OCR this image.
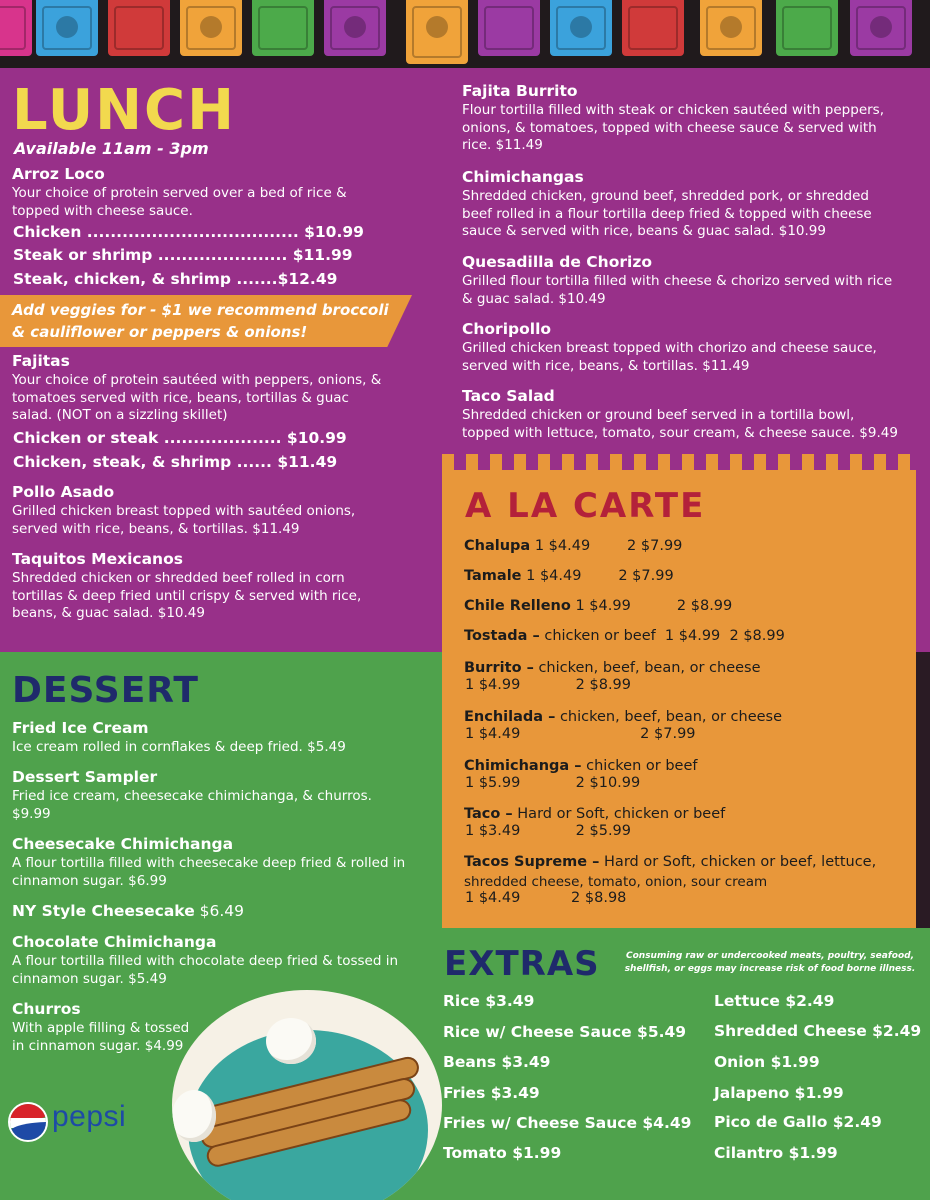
LUNCH
Available 11am - 3pm
Arroz Loco
Your choice of protein served over a bed of rice & topped with cheese sauce.
Chicken .................................... $10.99
Steak or shrimp ...................... $11.99
Steak, chicken, & shrimp .......$12.49
Add veggies for - $1 we recommend broccoli & cauliflower or peppers & onions!
Fajitas
Your choice of protein sautéed with peppers, onions, & tomatoes served with rice, beans, tortillas & guac salad. (NOT on a sizzling skillet)
Chicken or steak .................... $10.99
Chicken, steak, & shrimp ...... $11.49
Pollo Asado
Grilled chicken breast topped with sautéed onions, served with rice, beans, & tortillas. $11.49
Taquitos Mexicanos
Shredded chicken or shredded beef rolled in corn tortillas & deep fried until crispy & served with rice, beans, & guac salad. $10.49
Fajita Burrito
Flour tortilla filled with steak or chicken sautéed with peppers, onions, & tomatoes, topped with cheese sauce & served with rice. $11.49
Chimichangas
Shredded chicken, ground beef, shredded pork, or shredded beef rolled in a flour tortilla deep fried & topped with cheese sauce & served with rice, beans & guac salad. $10.99
Quesadilla de Chorizo
Grilled flour tortilla filled with cheese & chorizo served with rice & guac salad. $10.49
Choripollo
Grilled chicken breast topped with chorizo and cheese sauce, served with rice, beans, & tortillas. $11.49
Taco Salad
Shredded chicken or ground beef served in a tortilla bowl, topped with lettuce, tomato, sour cream, & cheese sauce. $9.49
A LA CARTE
Chalupa 1 $4.49        2 $7.99
Tamale 1 $4.49        2 $7.99
Chile Relleno 1 $4.99          2 $8.99
Tostada – chicken or beef  1 $4.99  2 $8.99
Burrito – chicken, beef, bean, or cheese
1 $4.99            2 $8.99
Enchilada – chicken, beef, bean, or cheese
1 $4.49                          2 $7.99
Chimichanga – chicken or beef
1 $5.99            2 $10.99
Taco – Hard or Soft, chicken or beef
1 $3.49            2 $5.99
Tacos Supreme – Hard or Soft, chicken or beef, lettuce,
shredded cheese, tomato, onion, sour cream
1 $4.49           2 $8.98
DESSERT
Fried Ice Cream
Ice cream rolled in cornflakes & deep fried. $5.49
Dessert Sampler
Fried ice cream, cheesecake chimichanga, & churros. $9.99
Cheesecake Chimichanga
A flour tortilla filled with cheesecake deep fried & rolled in cinnamon sugar. $6.99
NY Style Cheesecake $6.49
Chocolate Chimichanga
A flour tortilla filled with chocolate deep fried & tossed in cinnamon sugar. $5.49
Churros
With apple filling & tossed in cinnamon sugar. $4.99
pepsi
EXTRAS	Consuming raw or undercooked meats, poultry, seafood, shellfish, or eggs may increase risk of food borne illness.
Rice $3.49
Rice w/ Cheese Sauce $5.49
Beans $3.49
Fries $3.49
Fries w/ Cheese Sauce $4.49
Tomato $1.99
Lettuce $2.49
Shredded Cheese $2.49
Onion $1.99
Jalapeno $1.99
Pico de Gallo $2.49
Cilantro $1.99
